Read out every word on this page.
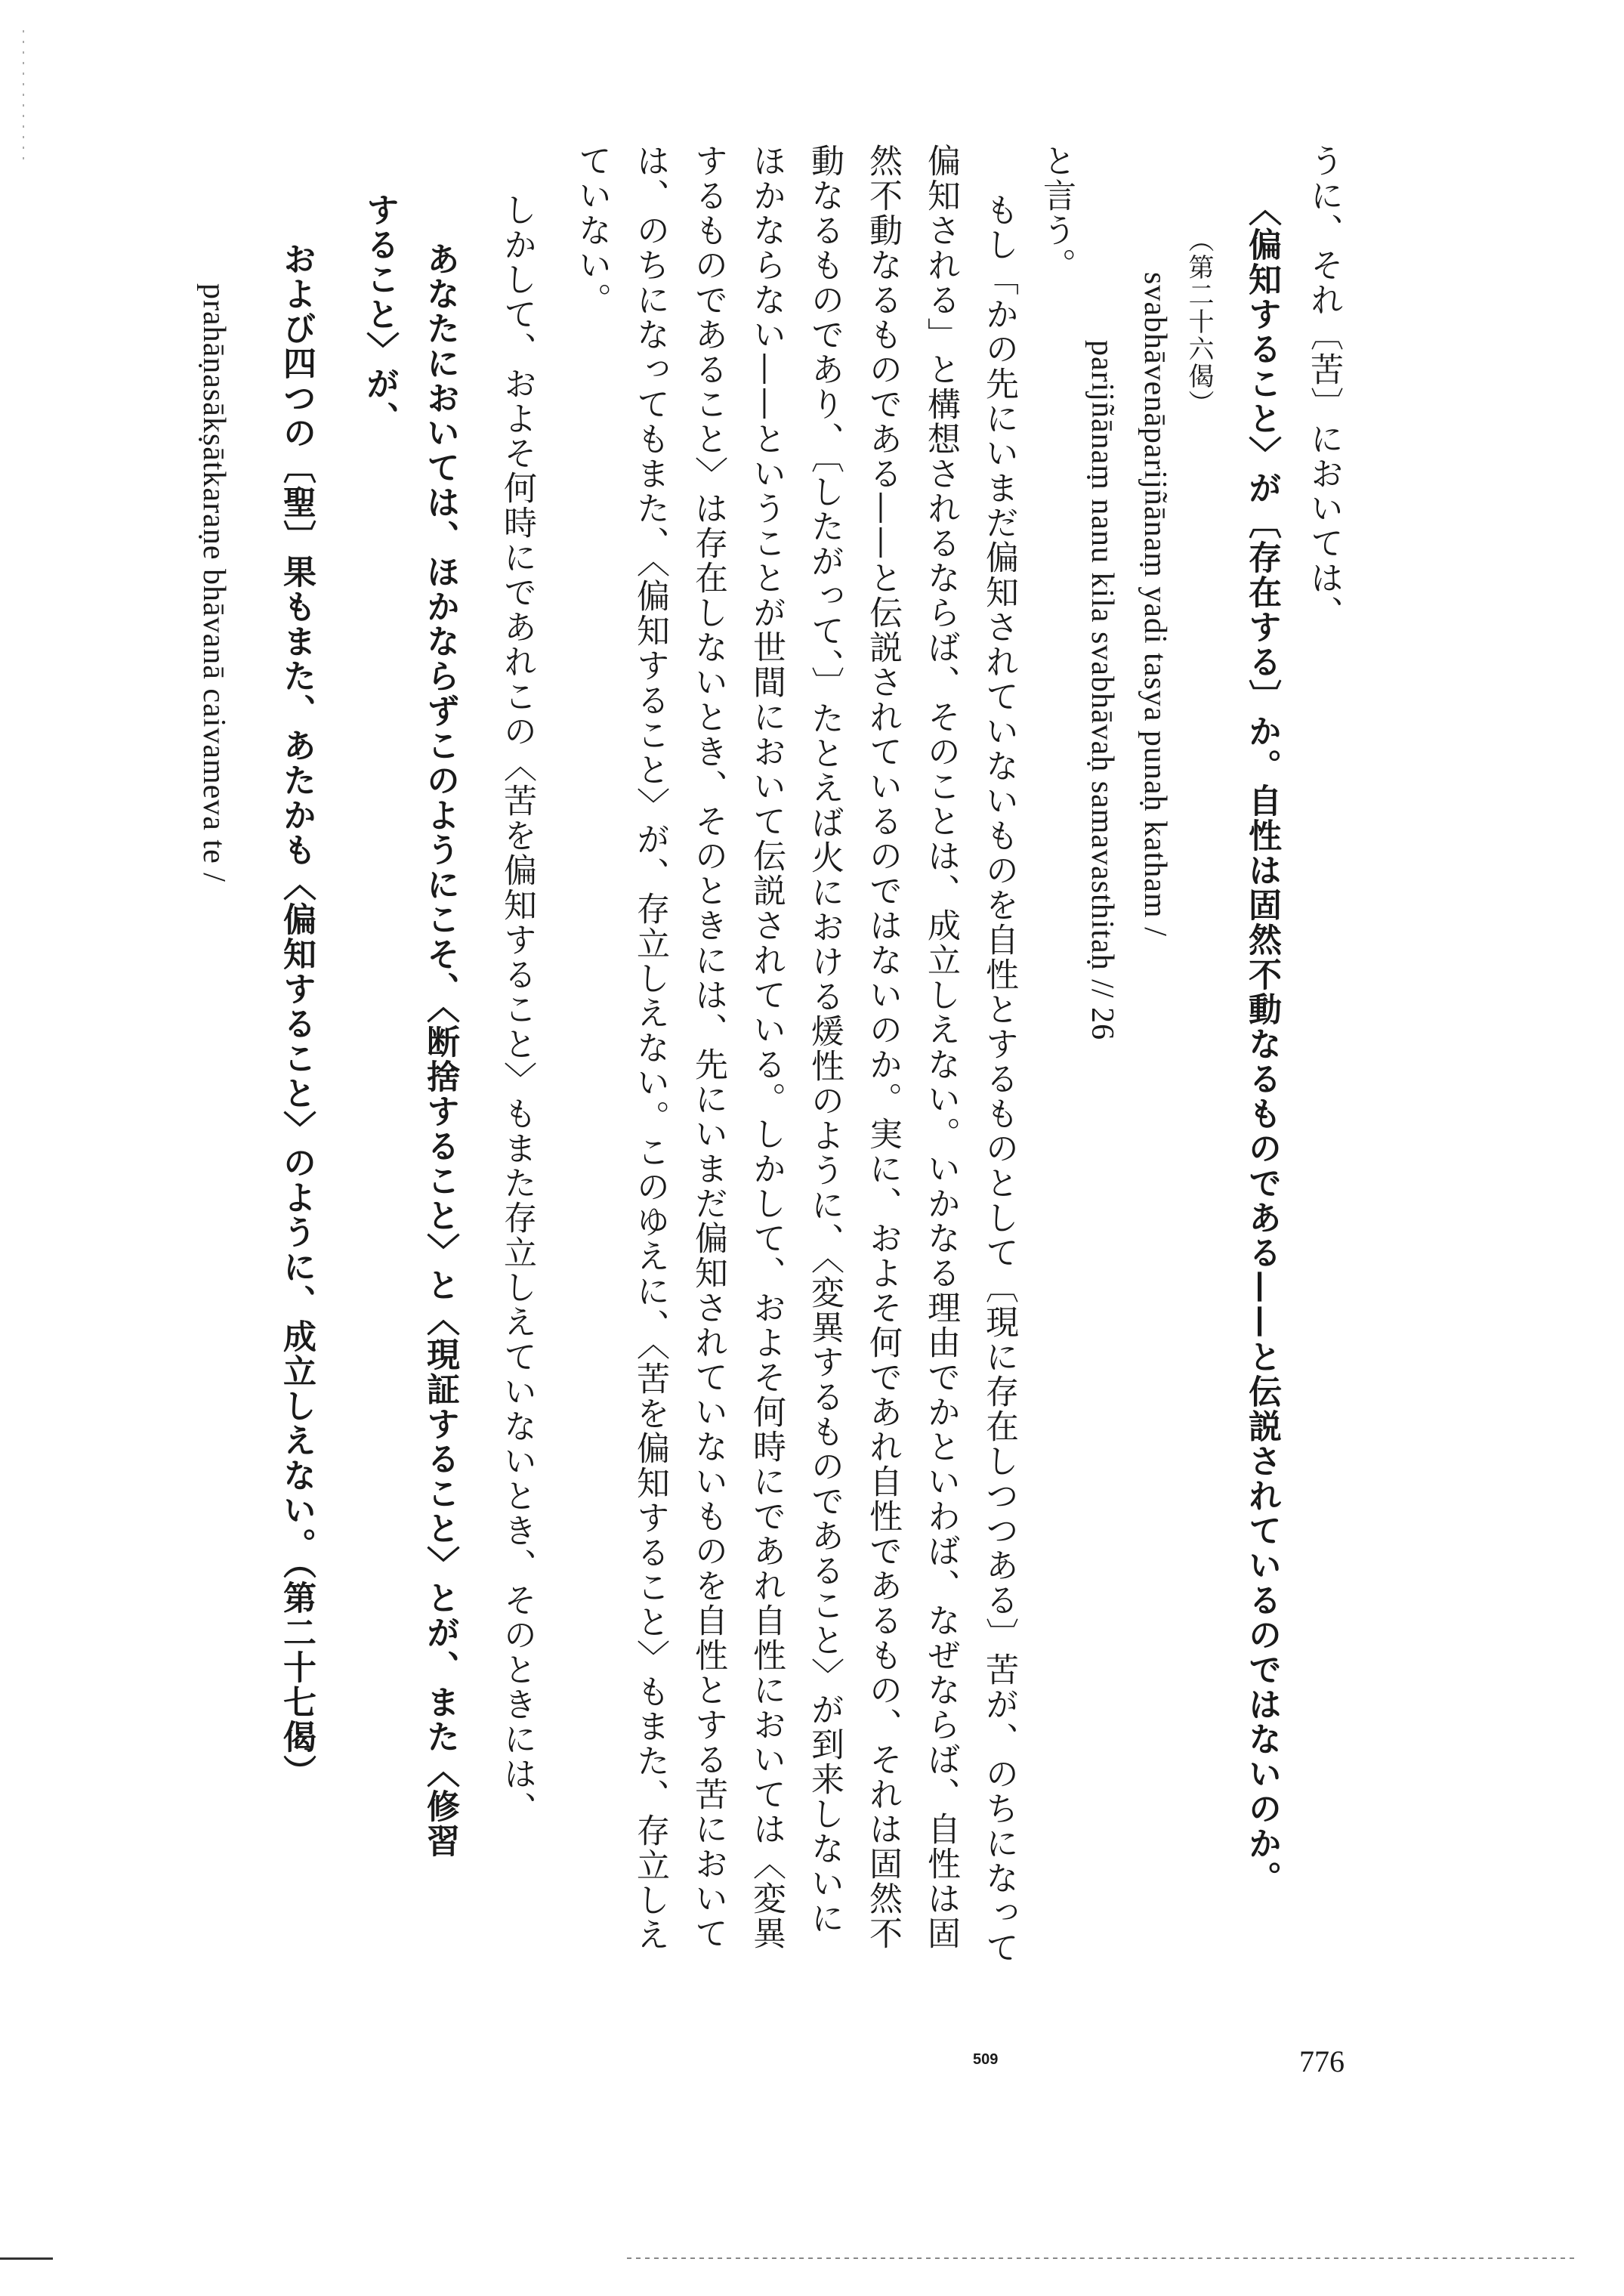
776
うに、それ〔苦〕においては、
〈偏知すること〉が〔存在する〕か。自性は固然不動なるものである——と伝説されているのではないのか。
（第二十六偈）
svabhāvenāparijñānaṃ yadi tasya punaḥ katham /
parijñānaṃ nanu kila svabhāvaḥ samavasthitaḥ // 26
と言う。
もし「かの先にいまだ偏知されていないものを自性とするものとして〔現に存在しつつある〕苦が、のちになって
偏知される」と構想されるならば、そのことは、成立しえない。いかなる理由でかといわば、なぜならば、自性は固
然不動なるものである——と伝説されているのではないのか。実に、およそ何であれ自性であるもの、それは固然不
動なるものであり、〔したがって、〕たとえば火における煖性のように、〈変異するものであること〉が到来しないに
ほかならない——ということが世間において伝説されている。しかして、およそ何時にであれ自性においては〈変異
するものであること〉は存在しないとき、そのときには、先にいまだ偏知されていないものを自性とする苦において
は、のちになってもまた、〈偏知すること〉が、存立しえない。このゆえに、〈苦を偏知すること〉もまた、存立しえ
ていない。
しかして、およそ何時にであれこの〈苦を偏知すること〉もまた存立しえていないとき、そのときには、
あなたにおいては、ほかならずこのようにこそ、〈断捨すること〉と〈現証すること〉とが、また〈修習
すること〉が、
および四つの〔聖〕果もまた、あたかも〈偏知すること〉のように、成立しえない。（第二十七偈）
prahāṇasākṣātkaraṇe bhāvanā caivameva te /
509
